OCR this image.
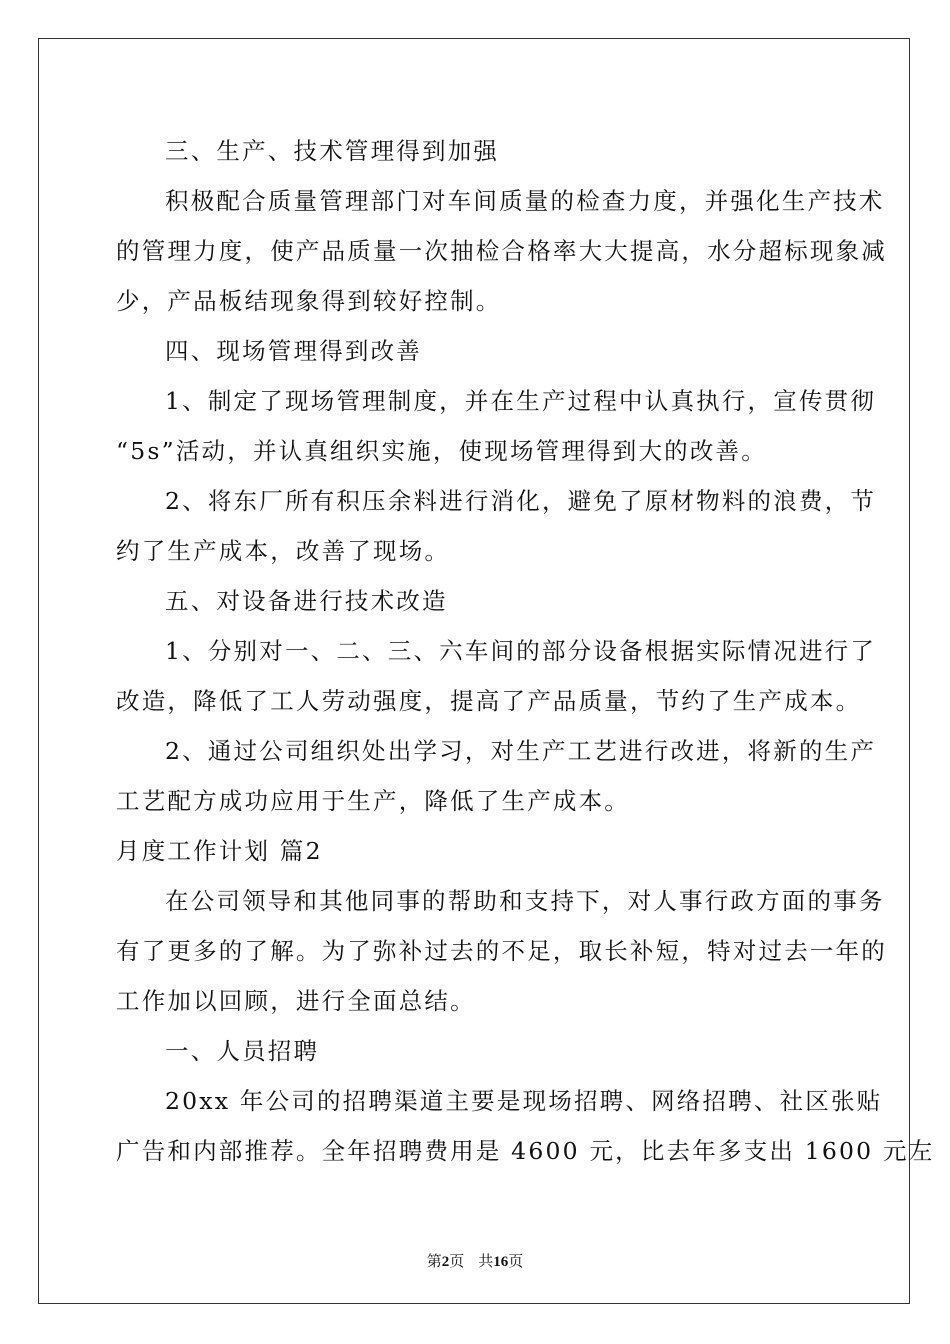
三、生产、技术管理得到加强
积极配合质量管理部门对车间质量的检查力度，并强化生产技术
的管理力度，使产品质量一次抽检合格率大大提高，水分超标现象减
少，产品板结现象得到较好控制。
四、现场管理得到改善
1、制定了现场管理制度，并在生产过程中认真执行，宣传贯彻
“5s”活动，并认真组织实施，使现场管理得到大的改善。
2、将东厂所有积压余料进行消化，避免了原材物料的浪费，节
约了生产成本，改善了现场。
五、对设备进行技术改造
1、分别对一、二、三、六车间的部分设备根据实际情况进行了
改造，降低了工人劳动强度，提高了产品质量，节约了生产成本。
2、通过公司组织处出学习，对生产工艺进行改进，将新的生产
工艺配方成功应用于生产，降低了生产成本。
月度工作计划 篇2
在公司领导和其他同事的帮助和支持下，对人事行政方面的事务
有了更多的了解。为了弥补过去的不足，取长补短，特对过去一年的
工作加以回顾，进行全面总结。
一、人员招聘
20xx 年公司的招聘渠道主要是现场招聘、网络招聘、社区张贴
广告和内部推荐。全年招聘费用是 4600 元，比去年多支出 1600 元左
第2页 共16页
